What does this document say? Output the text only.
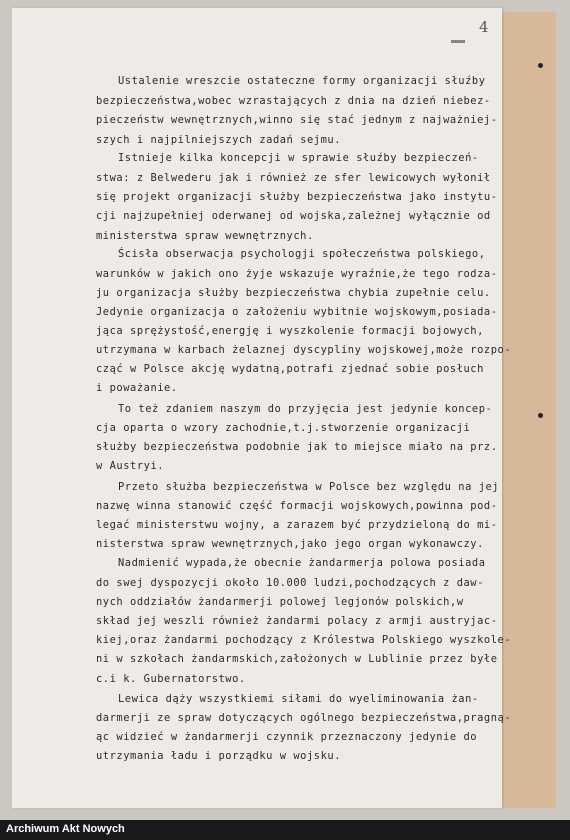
4
Ustalenie wreszcie ostateczne formy organizacji słuźby
bezpieczeństwa,wobec wzrastających z dnia na dzień niebez-
pieczeństw wewnętrznych,winno się stać jednym z najważniej-
szych i najpilniejszych zadań sejmu.
Istnieje kilka koncepcji w sprawie słuźby bezpieczeń-
stwa: z Belwederu jak i również ze sfer lewicowych wyłonił
się projekt organizacji służby bezpieczeństwa jako instytu-
cji najzupełniej oderwanej od wojska,zależnej wyłącznie od
ministerstwa spraw wewnętrznych.
Ścisła obserwacja psychologji społeczeństwa polskiego,
warunków w jakich ono żyje wskazuje wyraźnie,że tego rodza-
ju organizacja służby bezpieczeństwa chybia zupełnie celu.
Jedynie organizacja o założeniu wybitnie wojskowym,posiada-
jąca sprężystość,energję i wyszkolenie formacji bojowych,
utrzymana w karbach żelaznej dyscypliny wojskowej,może rozpo-
cząć w Polsce akcję wydatną,potrafi zjednać sobie posłuch
i poważanie.
To też zdaniem naszym do przyjęcia jest jedynie koncep-
cja oparta o wzory zachodnie,t.j.stworzenie organizacji
służby bezpieczeństwa podobnie jak to miejsce miało na prz.
w Austryi.
Przeto służba bezpieczeństwa w Polsce bez względu na jej
nazwę winna stanowić część formacji wojskowych,powinna pod-
legać ministerstwu wojny, a zarazem być przydzieloną do mi-
nisterstwa spraw wewnętrznych,jako jego organ wykonawczy.
Nadmienić wypada,że obecnie żandarmerja polowa posiada
do swej dyspozycji około 10.000 ludzi,pochodzących z daw-
nych oddziałów żandarmerji polowej legjonów polskich,w
skład jej weszli również żandarmi polacy z armji austryjac-
kiej,oraz żandarmi pochodzący z Królestwa Polskiego wyszkole-
ni w szkołach żandarmskich,założonych w Lublinie przez byłe
c.i k. Gubernatorstwo.
Lewica dąży wszystkiemi siłami do wyeliminowania żan-
darmerji ze spraw dotyczących ogólnego bezpieczeństwa,pragną-
ąc widzieć w żandarmerji czynnik przeznaczony jedynie do
utrzymania ładu i porządku w wojsku.
Archiwum Akt Nowych
